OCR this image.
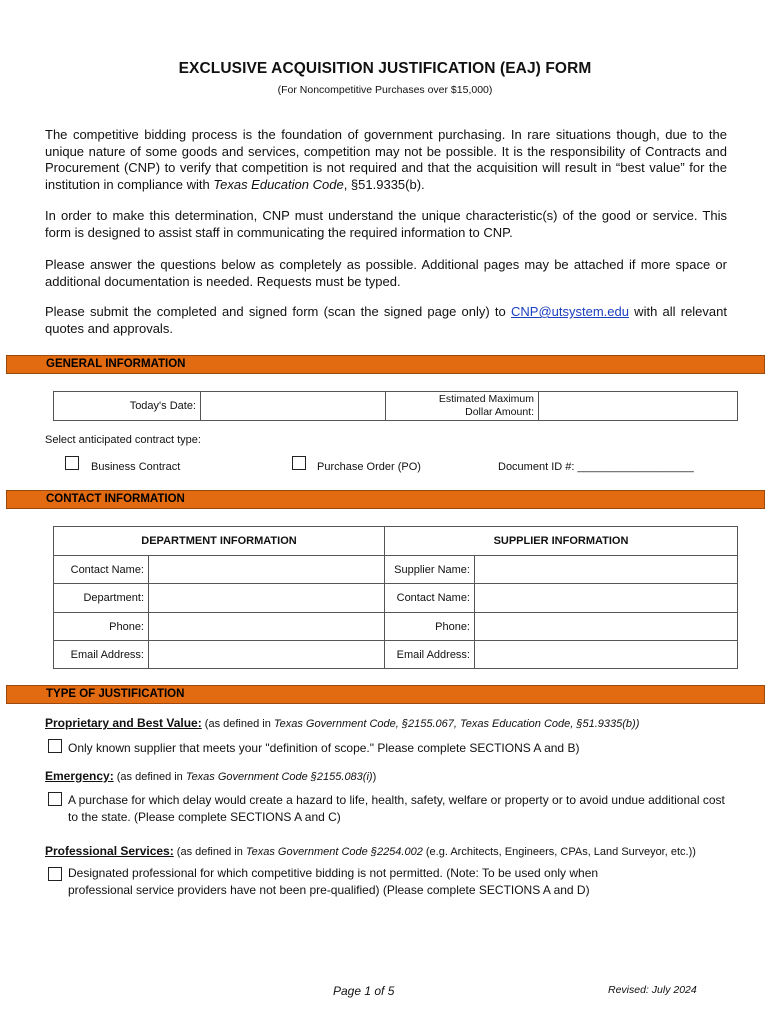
EXCLUSIVE ACQUISITION JUSTIFICATION (EAJ) FORM
(For Noncompetitive Purchases over $15,000)
The competitive bidding process is the foundation of government purchasing. In rare situations though, due to the unique nature of some goods and services, competition may not be possible. It is the responsibility of Contracts and Procurement (CNP) to verify that competition is not required and that the acquisition will result in “best value” for the institution in compliance with Texas Education Code, §51.9335(b).
In order to make this determination, CNP must understand the unique characteristic(s) of the good or service. This form is designed to assist staff in communicating the required information to CNP.
Please answer the questions below as completely as possible. Additional pages may be attached if more space or additional documentation is needed. Requests must be typed.
Please submit the completed and signed form (scan the signed page only) to CNP@utsystem.edu with all relevant quotes and approvals.
GENERAL INFORMATION
Today's Date:		Estimated Maximum
Dollar Amount:	
Select anticipated contract type:
Business Contract	Purchase Order (PO)	Document ID #: ___________________
CONTACT INFORMATION
DEPARTMENT INFORMATION		SUPPLIER INFORMATION	
Contact Name:		Supplier Name:	
Department:		Contact Name:	
Phone:		Phone:	
Email Address:		Email Address:	
TYPE OF JUSTIFICATION
Proprietary and Best Value: (as defined in Texas Government Code, §2155.067, Texas Education Code, §51.9335(b))
Only known supplier that meets your "definition of scope." Please complete SECTIONS A and B)
Emergency: (as defined in Texas Government Code §2155.083(i))
A purchase for which delay would create a hazard to life, health, safety, welfare or property or to avoid undue additional cost to the state. (Please complete SECTIONS A and C)
Professional Services: (as defined in Texas Government Code §2254.002 (e.g. Architects, Engineers, CPAs, Land Surveyor, etc.))
Designated professional for which competitive bidding is not permitted. (Note: To be used only when professional service providers have not been pre-qualified) (Please complete SECTIONS A and D)
Page 1 of 5	Revised: July 2024
